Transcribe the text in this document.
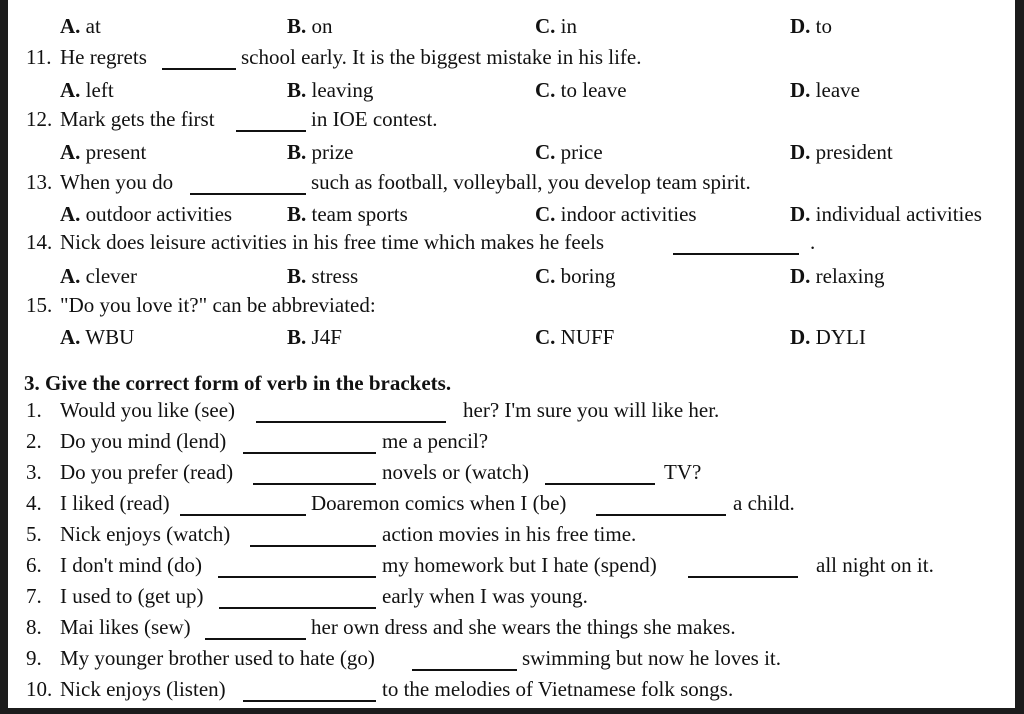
A. at	B. on	C. in	D. to
11. He regrets	school early. It is the biggest mistake in his life.
A. left	B. leaving	C. to leave	D. leave
12. Mark gets the first	in IOE contest.
A. present	B. prize	C. price	D. president
13. When you do	such as football, volleyball, you develop team spirit.
A. outdoor activities	B. team sports	C. indoor activities	D. individual activities
14. Nick does leisure activities in his free time which makes he feels	.
A. clever	B. stress	C. boring	D. relaxing
15. "Do you love it?" can be abbreviated:
A. WBU	B. J4F	C. NUFF	D. DYLI
3. Give the correct form of verb in the brackets.
1. Would you like (see)	her? I'm sure you will like her.
2. Do you mind (lend)	me a pencil?
3. Do you prefer (read)	novels or (watch)	TV?
4. I liked (read)	Doaremon comics when I (be)	a child.
5. Nick enjoys (watch)	action movies in his free time.
6. I don't mind (do)	my homework but I hate (spend)	all night on it.
7. I used to (get up)	early when I was young.
8. Mai likes (sew)	her own dress and she wears the things she makes.
9. My younger brother used to hate (go)	swimming but now he loves it.
10. Nick enjoys (listen)	to the melodies of Vietnamese folk songs.
